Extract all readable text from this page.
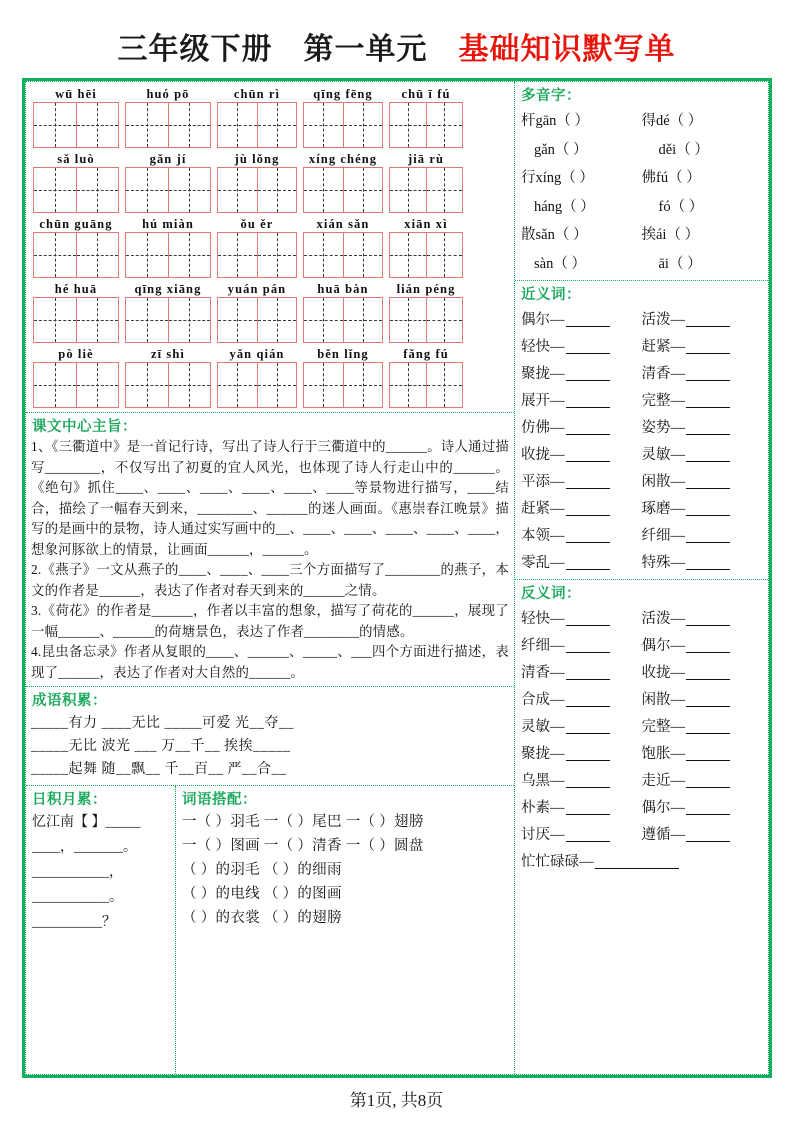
三年级下册 第一单元 基础知识默写单
wū hēi	huó pō	chūn rì	qīng fēng	chū ī fú
sǎ luò	gǎn jí	jù lǒng	xíng chéng	jiā rù
chūn guāng	hú miàn	ǒu ěr	xián sǎn	xiān xì
hé huā	qīng xiāng	yuán pán	huā bàn	lián péng
pò liè	zī shì	yǎn qián	běn lǐng	fǎng fú
课文中心主旨：

1、《三衢道中》是一首记行诗，写出了诗人行于三衢道中的______。诗人通过描写________，不仅写出了初夏的宜人风光，也体现了诗人行走山中的______。《绝句》抓住____、____、____、____、____、____等景物进行描写，____结合，描绘了一幅春天到来，________、______的迷人画面。《惠崇春江晚景》描写的是画中的景物，诗人通过实写画中的__、____、____、____、____、____，想象河豚欲上的情景，让画面______，______。

2.《燕子》一文从燕子的____、____、____三个方面描写了________的燕子，本文的作者是______，表达了作者对春天到来的______之情。

3.《荷花》的作者是______，作者以丰富的想象，描写了荷花的______，展现了一幅______、______的荷塘景色，表达了作者________的情感。

4.昆虫备忘录》作者从复眼的____、______、_____、___四个方面进行描述，表现了______，表达了作者对大自然的______。

成语积累：
_____有力 ____无比 _____可爱 光__夺__
_____无比 波光 ___ 万__千__ 挨挨_____
_____起舞 随__飘__ 千__百__ 严__合__
日积月累：
忆江南【 】_____
____，_______。
___________，
___________。
__________？
词语搭配：
一（ ）羽毛 一（ ）尾巴 一（ ）翅膀
一（ ）图画 一（ ）清香 一（ ）圆盘
（ ）的羽毛 （ ）的细雨
（ ）的电线 （ ）的图画
（ ）的衣裳 （ ）的翅膀
多音字：
杆gān（ ）	得dé（ ）
gǎn（ ）	děi（ ）
行xíng（ ）	佛fú（ ）
háng（ ）	fó（ ）
散sǎn（ ）	挨ái（ ）
sàn（ ）	āi（ ）
近义词：
偶尔—	活泼—
轻快—	赶紧—
聚拢—	清香—
展开—	完整—
仿佛—	姿势—
收拢—	灵敏—
平添—	闲散—
赶紧—	琢磨—
本领—	纤细—
零乱—	特殊—
反义词：
轻快—	活泼—
纤细—	偶尔—
清香—	收拢—
合成—	闲散—
灵敏—	完整—
聚拢—	饱胀—
乌黑—	走近—
朴素—	偶尔—
讨厌—	遵循—
忙忙碌碌—
第1页, 共8页
